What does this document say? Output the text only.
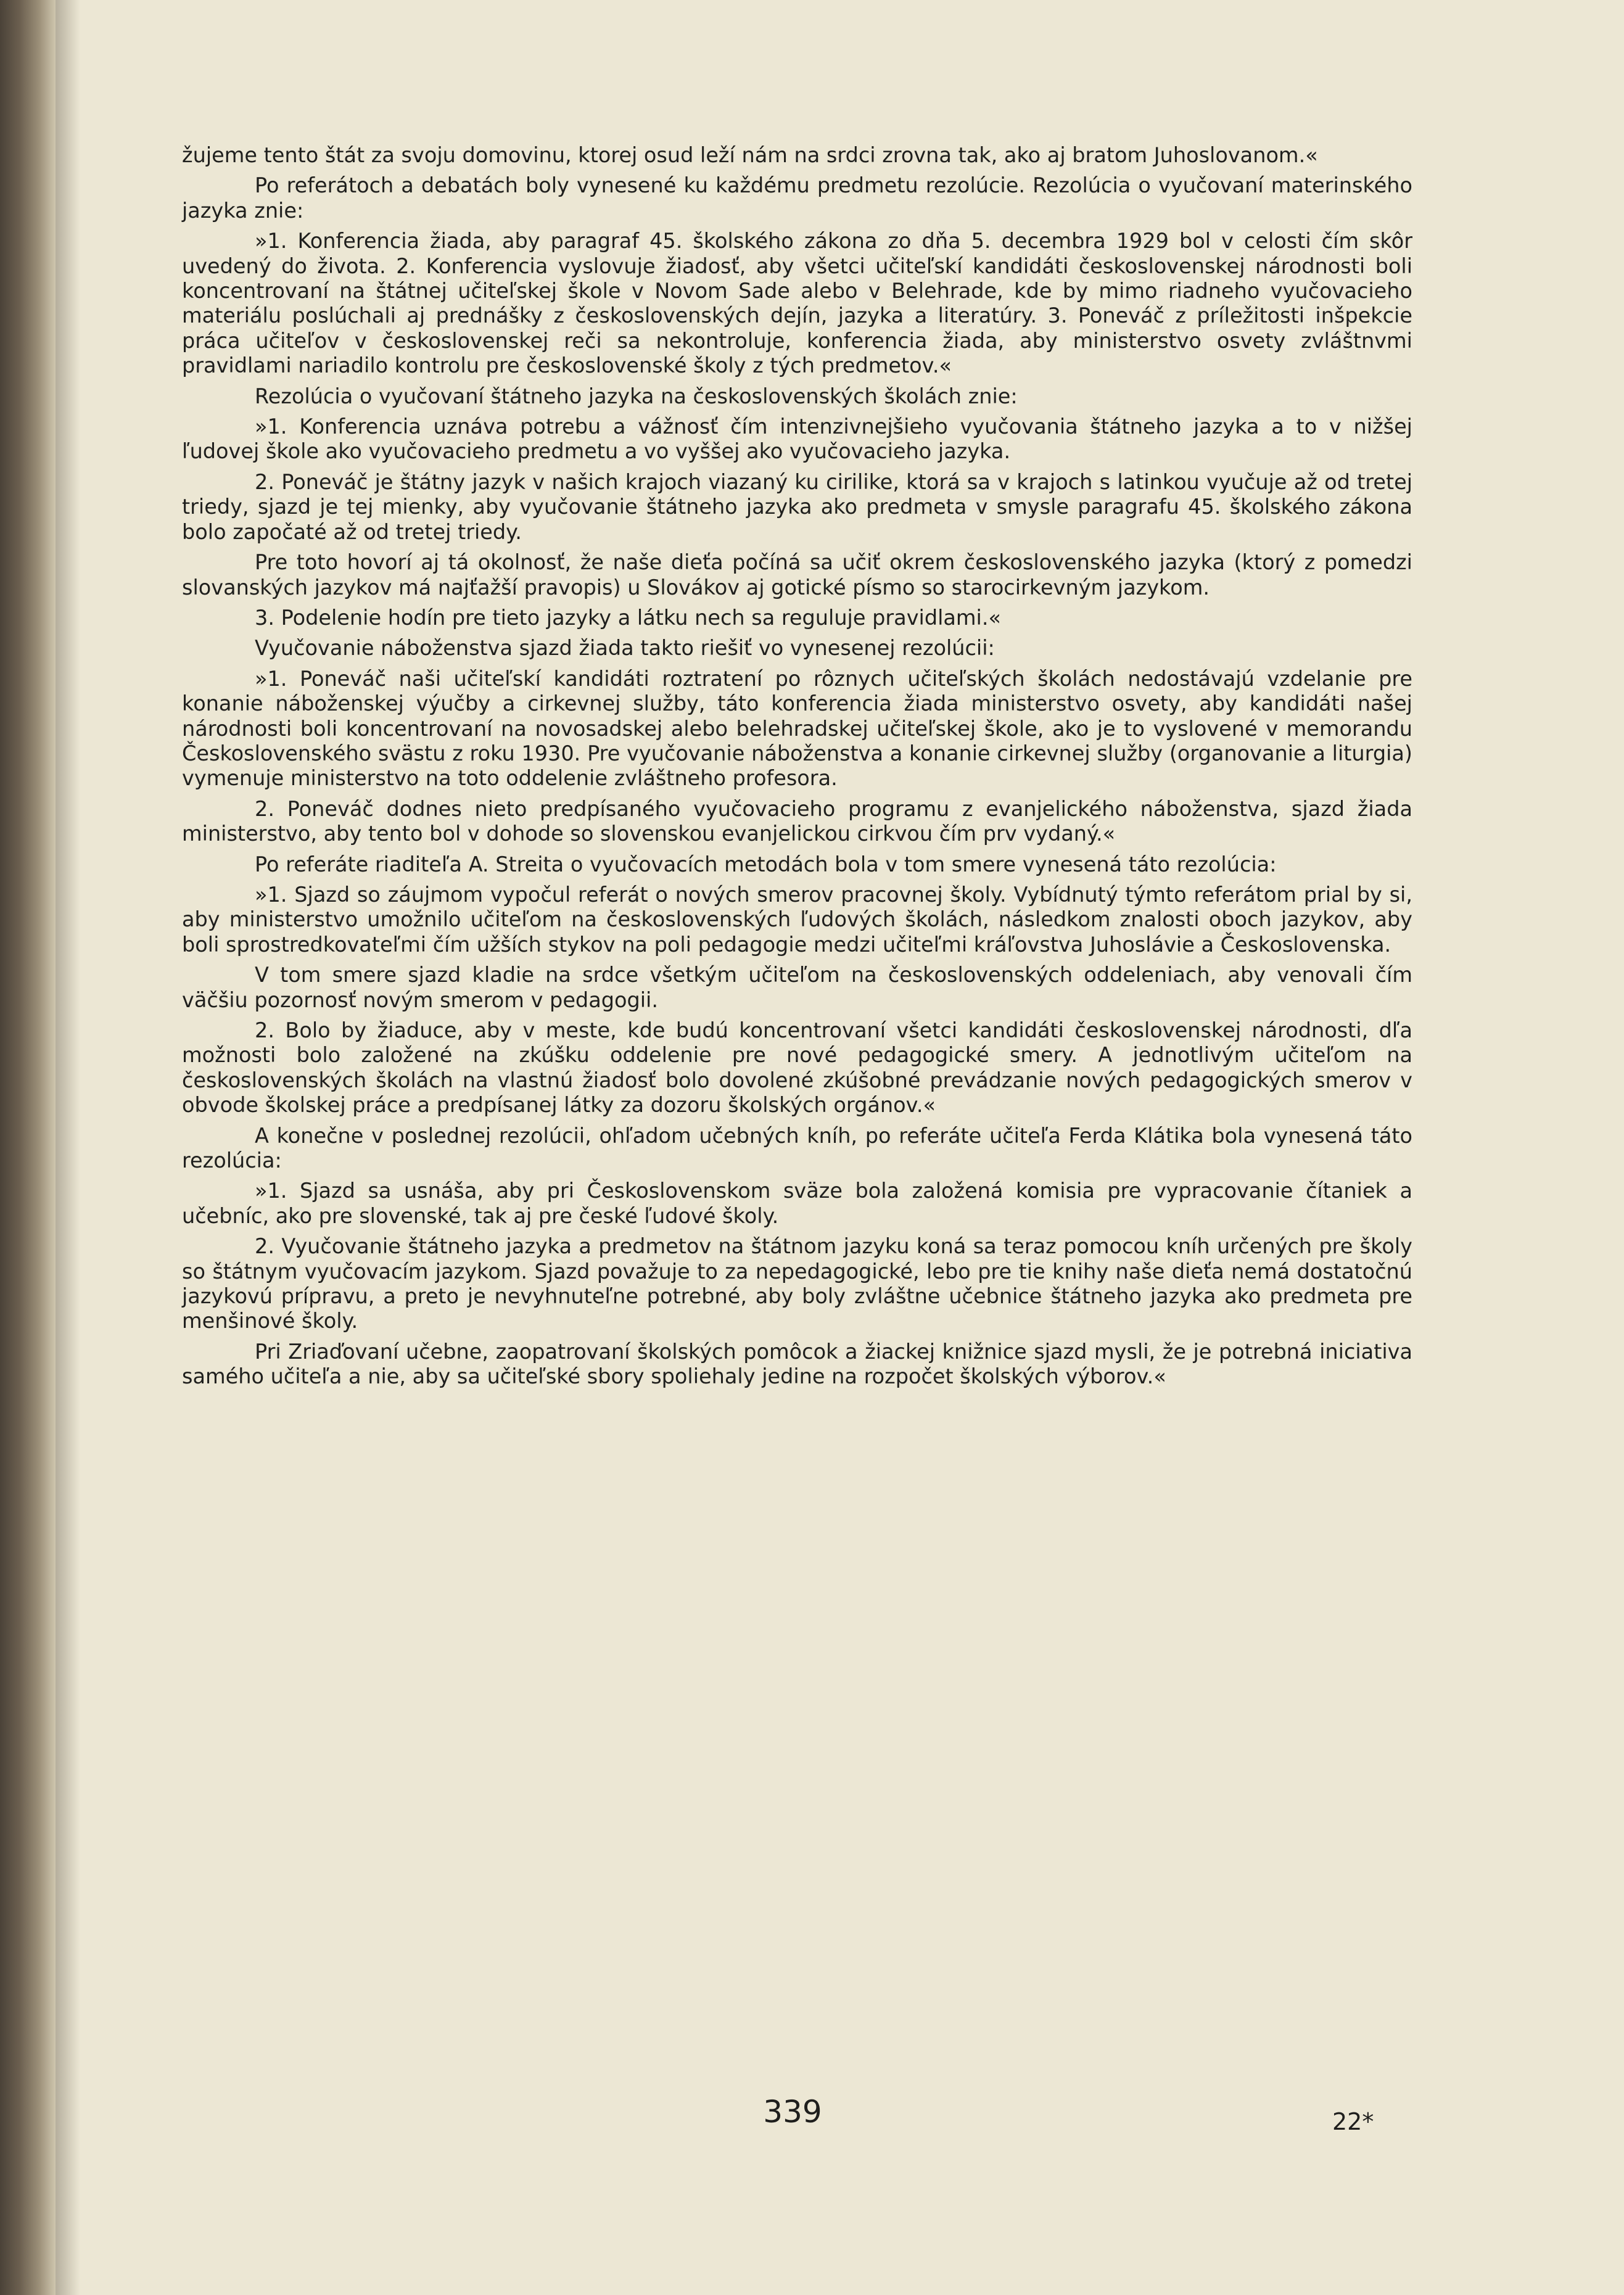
žujeme tento štát za svoju domovinu, ktorej osud leží nám na srdci zrovna tak, ako aj bratom Juhoslovanom.«

Po referátoch a debatách boly vynesené ku každému predmetu rezolúcie. Rezolúcia o vyučovaní materinského jazyka znie:

»1. Konferencia žiada, aby paragraf 45. školského zákona zo dňa 5. decembra 1929 bol v celosti čím skôr uvedený do života. 2. Konferencia vyslovuje žiadosť, aby všetci učiteľskí kandidáti československej národnosti boli koncentrovaní na štátnej učiteľskej škole v Novom Sade alebo v Belehrade, kde by mimo riadneho vyučovacieho materiálu poslúchali aj prednášky z československých dejín, jazyka a literatúry. 3. Poneváč z príležitosti inšpekcie práca učiteľov v československej reči sa nekontroluje, konferencia žiada, aby ministerstvo osvety zvláštnvmi pravidlami nariadilo kontrolu pre československé školy z tých predmetov.«

Rezolúcia o vyučovaní štátneho jazyka na československých školách znie:

»1. Konferencia uznáva potrebu a vážnosť čím intenzivnejšieho vyučovania štátneho jazyka a to v nižšej ľudovej škole ako vyučovacieho predmetu a vo vyššej ako vyučovacieho jazyka.

2. Poneváč je štátny jazyk v našich krajoch viazaný ku cirilike, ktorá sa v krajoch s latinkou vyučuje až od tretej triedy, sjazd je tej mienky, aby vyučovanie štátneho jazyka ako predmeta v smysle paragrafu 45. školského zákona bolo započaté až od tretej triedy.

Pre toto hovorí aj tá okolnosť, že naše dieťa počíná sa učiť okrem československého jazyka (ktorý z pomedzi slovanských jazykov má najťažší pravopis) u Slovákov aj gotické písmo so starocirkevným jazykom.

3. Podelenie hodín pre tieto jazyky a látku nech sa reguluje pravidlami.«

Vyučovanie náboženstva sjazd žiada takto riešiť vo vynesenej rezolúcii:

»1. Poneváč naši učiteľskí kandidáti roztratení po rôznych učiteľských školách nedostávajú vzdelanie pre konanie náboženskej výučby a cirkevnej služby, táto konferencia žiada ministerstvo osvety, aby kandidáti našej národnosti boli koncentrovaní na novosadskej alebo belehradskej učiteľskej škole, ako je to vyslovené v memorandu Československého svästu z roku 1930. Pre vyučovanie náboženstva a konanie cirkevnej služby (organovanie a liturgia) vymenuje ministerstvo na toto oddelenie zvláštneho profesora.

2. Poneváč dodnes nieto predpísaného vyučovacieho programu z evanjelického náboženstva, sjazd žiada ministerstvo, aby tento bol v dohode so slovenskou evanjelickou cirkvou čím prv vydaný.«

Po referáte riaditeľa A. Streita o vyučovacích metodách bola v tom smere vynesená táto rezolúcia:

»1. Sjazd so záujmom vypočul referát o nových smerov pracovnej školy. Vybídnutý týmto referátom prial by si, aby ministerstvo umožnilo učiteľom na československých ľudových školách, následkom znalosti oboch jazykov, aby boli sprostredkovateľmi čím užších stykov na poli pedagogie medzi učiteľmi kráľovstva Juhoslávie a Československa.

V tom smere sjazd kladie na srdce všetkým učiteľom na československých oddeleniach, aby venovali čím väčšiu pozornosť novým smerom v pedagogii.

2. Bolo by žiaduce, aby v meste, kde budú koncentrovaní všetci kandidáti československej národnosti, dľa možnosti bolo založené na zkúšku oddelenie pre nové pedagogické smery. A jednotlivým učiteľom na československých školách na vlastnú žiadosť bolo dovolené zkúšobné prevádzanie nových pedagogických smerov v obvode školskej práce a predpísanej látky za dozoru školských orgánov.«

A konečne v poslednej rezolúcii, ohľadom učebných kníh, po referáte učiteľa Ferda Klátika bola vynesená táto rezolúcia:

»1. Sjazd sa usnáša, aby pri Československom sväze bola založená komisia pre vypracovanie čítaniek a učebníc, ako pre slovenské, tak aj pre české ľudové školy.

2. Vyučovanie štátneho jazyka a predmetov na štátnom jazyku koná sa teraz pomocou kníh určených pre školy so štátnym vyučovacím jazykom. Sjazd považuje to za nepedagogické, lebo pre tie knihy naše dieťa nemá dostatočnú jazykovú prípravu, a preto je nevyhnuteľne potrebné, aby boly zvláštne učebnice štátneho jazyka ako predmeta pre menšinové školy.

Pri Zriaďovaní učebne, zaopatrovaní školských pomôcok a žiackej knižnice sjazd mysli, že je potrebná iniciativa samého učiteľa a nie, aby sa učiteľské sbory spoliehaly jedine na rozpočet školských výborov.«

339	22*
